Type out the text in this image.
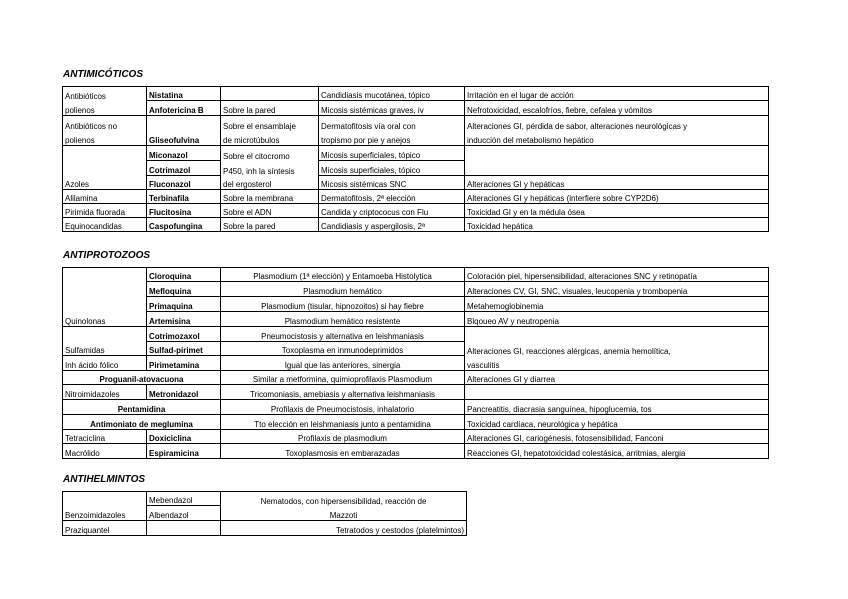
ANTIMICÓTICOS
Antibióticos	Nistatina		Candidiasis mucotánea, tópico	Irritación en el lugar de acción
polienos	Anfotericina B	Sobre la pared	Micosis sistémicas graves, iv	Nefrotoxicidad, escalofríos, fiebre, cefalea y vómitos
Antibióticos no		Sobre el ensamblaje	Dermatofitosis vía oral con	Alteraciones GI, pérdida de sabor, alteraciones neurológicas y
polienos	Gliseofulvina	de microtúbulos	tropismo por pie y anejos	inducción del metabolismo hepático
	Miconazol	Sobre el citocromo	Micosis superficiales, tópico	
	Cotrimazol	P450, inh la síntesis	Micosis superficiales, tópico	
Azoles	Fluconazol	del ergosterol	Micosis sistémicas SNC	Alteraciones GI y hepáticas
Alilamina	Terbinafila	Sobre la membrana	Dermatofitosis, 2ª elección	Alteraciones GI y hepáticas (interfiere sobre CYP2D6)
Pirimida fluorada	Flucitosina	Sobre el ADN	Candida y criptococus con Flu	Toxicidad GI y en la médula ósea
Equinocandidas	Caspofungina	Sobre la pared	Candidiasis y aspergilosis, 2ª	Toxicidad hepática
ANTIPROTOZOOS
	Cloroquina	Plasmodium (1ª elección) y Entamoeba Histolytica	Coloración piel, hipersensibilidad, alteraciones SNC y retinopatía
	Mefloquina	Plasmodium hemático	Alteraciones CV, GI, SNC, visuales, leucopenia y trombopenia
	Primaquina	Plasmodium (tisular, hipnozoitos) si hay fiebre	Metahemoglobinemia
Quinolonas	Artemisina	Plasmodium hemático resistente	Blqoueo AV y neutropenia
	Cotrimozaxol	Pneumocistosis y alternativa en leishmaniasis	
Sulfamidas	Sulfad-pirimet	Toxoplasma en inmunodeprimidos	Alteraciones GI, reacciones alérgicas, anemia hemolítica,
Inh ácido fólico	Pirimetamina	Igual que las anteriores, sinergia	vasculitis
Proguanil-atovacuona		Similar a metformina, quimioprofilaxis Plasmodium	Alteraciones GI y diarrea
Nitroimidazoles	Metronidazol	Tricomoniasis, amebiasis y alternativa leishmaniasis	
Pentamidina		Profilaxis de Pneumocistosis, inhalatorio	Pancreatitis, diacrasia sanguínea, hipoglucemia, tos
Antimoniato de meglumina		Tto elección en leishmaniasis junto a pentamidina	Toxicidad cardíaca, neurológica y hepática
Tetraciclina	Doxiciclina	Profilaxis de plasmodium	Alteraciones GI, cariogénesis, fotosensibilidad, Fanconi
Macrólido	Espiramicina	Toxoplasmosis en embarazadas	Reacciones GI, hepatotoxicidad colestásica, arritmias, alergia
ANTIHELMINTOS
	Mebendazol	Nematodos, con hipersensibilidad, reacción de
Benzoimidazoles	Albendazol	Mazzoti
Praziquantel		Tetratodos y cestodos (platelmintos)
